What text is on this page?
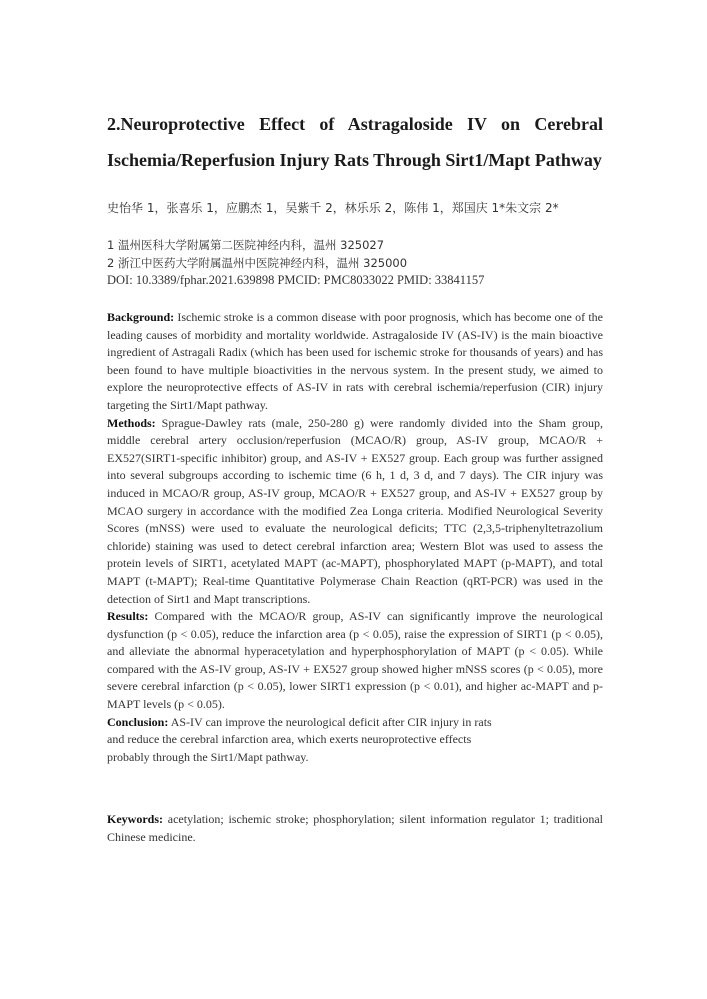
2.Neuroprotective Effect of Astragaloside IV on Cerebral
Ischemia/Reperfusion Injury Rats Through Sirt1/Mapt Pathway
史怡华 1，张喜乐 1，应鹏杰 1，吴紫千 2，林乐乐 2，陈伟 1，郑国庆 1*朱文宗 2*
1 温州医科大学附属第二医院神经内科，温州 325027
2 浙江中医药大学附属温州中医院神经内科，温州 325000
DOI: 10.3389/fphar.2021.639898 PMCID: PMC8033022 PMID: 33841157

Background: Ischemic stroke is a common disease with poor prognosis, which has become one of the leading causes of morbidity and mortality worldwide. Astragaloside IV (AS-IV) is the main bioactive ingredient of Astragali Radix (which has been used for ischemic stroke for thousands of years) and has been found to have multiple bioactivities in the nervous system. In the present study, we aimed to explore the neuroprotective effects of AS-IV in rats with cerebral ischemia/reperfusion (CIR) injury targeting the Sirt1/Mapt pathway.

Methods: Sprague-Dawley rats (male, 250-280 g) were randomly divided into the Sham group, middle cerebral artery occlusion/reperfusion (MCAO/R) group, AS-IV group, MCAO/R + EX527(SIRT1-specific inhibitor) group, and AS-IV + EX527 group. Each group was further assigned into several subgroups according to ischemic time (6 h, 1 d, 3 d, and 7 days). The CIR injury was induced in MCAO/R group, AS-IV group, MCAO/R + EX527 group, and AS-IV + EX527 group by MCAO surgery in accordance with the modified Zea Longa criteria. Modified Neurological Severity Scores (mNSS) were used to evaluate the neurological deficits; TTC (2,3,5-triphenyltetrazolium chloride) staining was used to detect cerebral infarction area; Western Blot was used to assess the protein levels of SIRT1, acetylated MAPT (ac-MAPT), phosphorylated MAPT (p-MAPT), and total MAPT (t-MAPT); Real-time Quantitative Polymerase Chain Reaction (qRT-PCR) was used in the detection of Sirt1 and Mapt transcriptions.

Results: Compared with the MCAO/R group, AS-IV can significantly improve the neurological dysfunction (p < 0.05), reduce the infarction area (p < 0.05), raise the expression of SIRT1 (p < 0.05), and alleviate the abnormal hyperacetylation and hyperphosphorylation of MAPT (p < 0.05). While compared with the AS-IV group, AS-IV + EX527 group showed higher mNSS scores (p < 0.05), more severe cerebral infarction (p < 0.05), lower SIRT1 expression (p < 0.01), and higher ac-MAPT and p-MAPT levels (p < 0.05).

Conclusion: AS-IV can improve the neurological deficit after CIR injury in rats
and reduce the cerebral infarction area, which exerts neuroprotective effects
probably through the Sirt1/Mapt pathway.

Keywords: acetylation; ischemic stroke; phosphorylation; silent information regulator 1; traditional Chinese medicine.
